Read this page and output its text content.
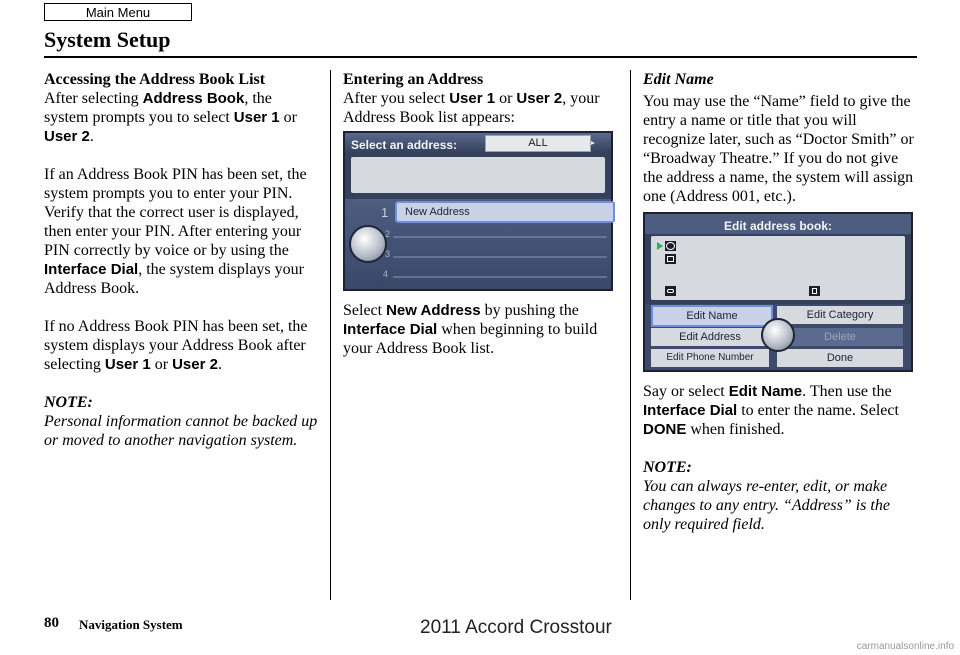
Main Menu
System Setup
Accessing the Address Book List

After selecting Address Book, the system prompts you to select User 1 or User 2.

If an Address Book PIN has been set, the system prompts you to enter your PIN. Verify that the correct user is displayed, then enter your PIN. After entering your PIN correctly by voice or by using the Interface Dial, the system displays your Address Book.

If no Address Book PIN has been set, the system displays your Address Book after selecting User 1 or User 2.

NOTE:

Personal information cannot be backed up or moved to another navigation system.

Entering an Address

After you select User 1 or User 2, your Address Book list appears:

Select an address:	ALL
1	New Address
2
3
4

Select New Address by pushing the Interface Dial when beginning to build your Address Book list.

Edit Name

You may use the “Name” field to give the entry a name or title that you will recognize later, such as “Doctor Smith” or “Broadway Theatre.” If you do not give the address a name, the system will assign one (Address 001, etc.).

Edit address book:
Edit Name	Edit Category
Edit Address	Delete
Edit Phone Number	Done

Say or select Edit Name. Then use the Interface Dial to enter the name. Select DONE when finished.

NOTE:

You can always re-enter, edit, or make changes to any entry. “Address” is the only required field.

80 Navigation System	2011 Accord Crosstour
carmanualsonline.info
